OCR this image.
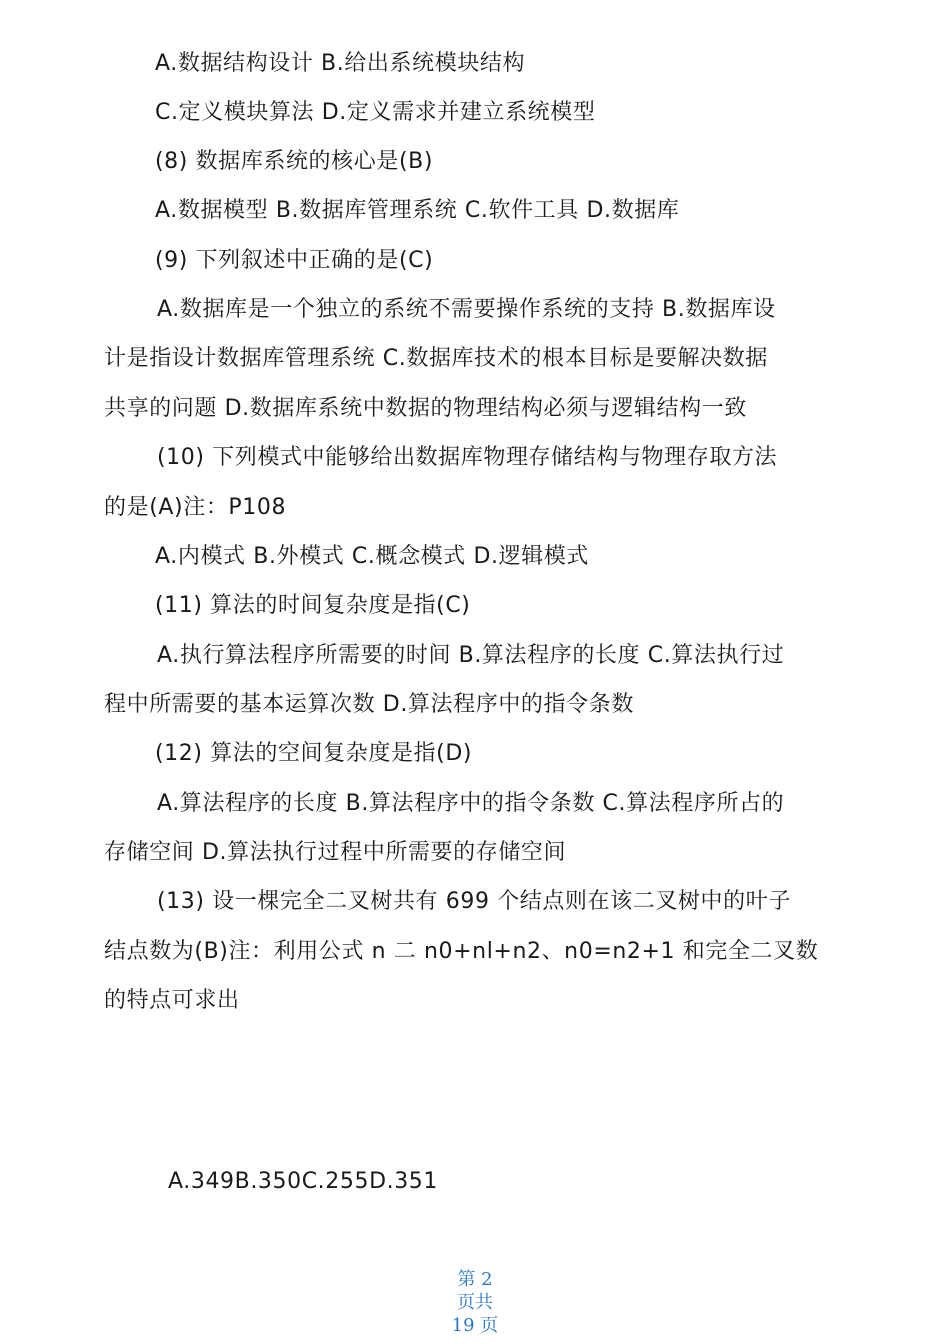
A.数据结构设计 B.给出系统模块结构
C.定义模块算法 D.定义需求并建立系统模型
(8) 数据库系统的核心是(B)
A.数据模型 B.数据库管理系统 C.软件工具 D.数据库
(9) 下列叙述中正确的是(C)
A.数据库是一个独立的系统不需要操作系统的支持 B.数据库设
计是指设计数据库管理系统 C.数据库技术的根本目标是要解决数据
共享的问题 D.数据库系统中数据的物理结构必须与逻辑结构一致
(10) 下列模式中能够给出数据库物理存储结构与物理存取方法
的是(A)注：P108
A.内模式 B.外模式 C.概念模式 D.逻辑模式
(11) 算法的时间复杂度是指(C)
A.执行算法程序所需要的时间 B.算法程序的长度 C.算法执行过
程中所需要的基本运算次数 D.算法程序中的指令条数
(12) 算法的空间复杂度是指(D)
A.算法程序的长度 B.算法程序中的指令条数 C.算法程序所占的
存储空间 D.算法执行过程中所需要的存储空间
(13) 设一棵完全二叉树共有 699 个结点则在该二叉树中的叶子
结点数为(B)注：利用公式 n 二 n0+nl+n2、n0=n2+1 和完全二叉数
的特点可求出
A.349B.350C.255D.351
第 2
页共
19 页
